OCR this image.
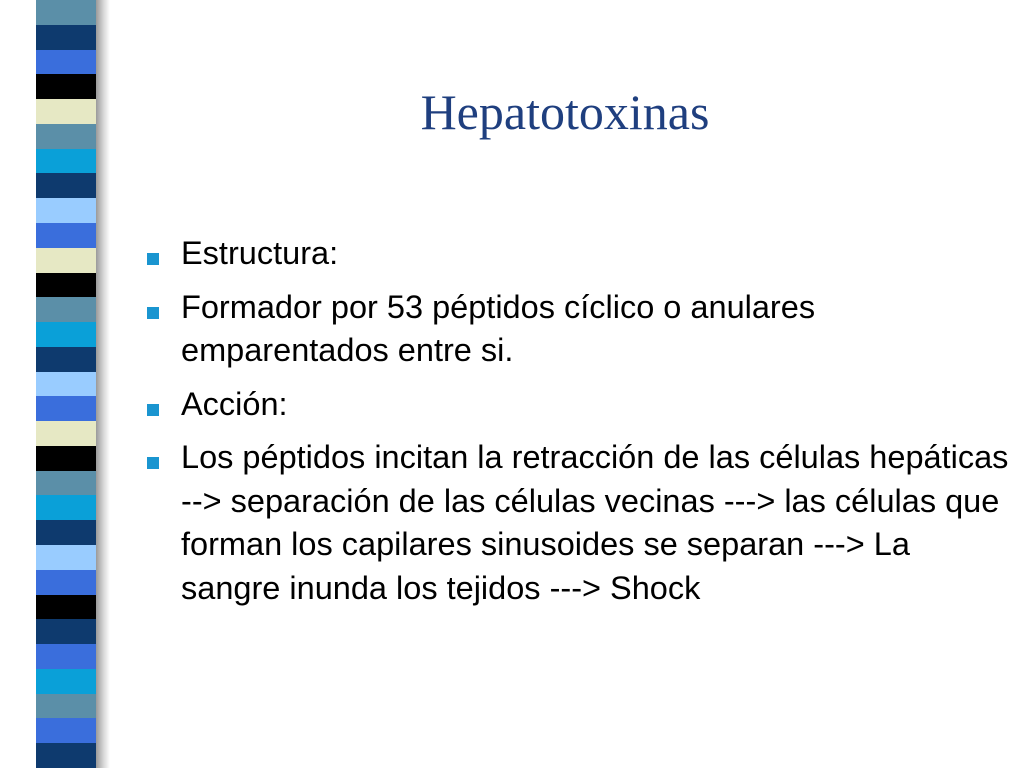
Hepatotoxinas
Estructura:
Formador por 53 péptidos cíclico o anulares emparentados entre si.
Acción:
Los péptidos incitan la retracción de las células hepáticas --> separación de las células vecinas ---> las células que forman los capilares sinusoides se separan ---> La sangre inunda los tejidos ---> Shock
